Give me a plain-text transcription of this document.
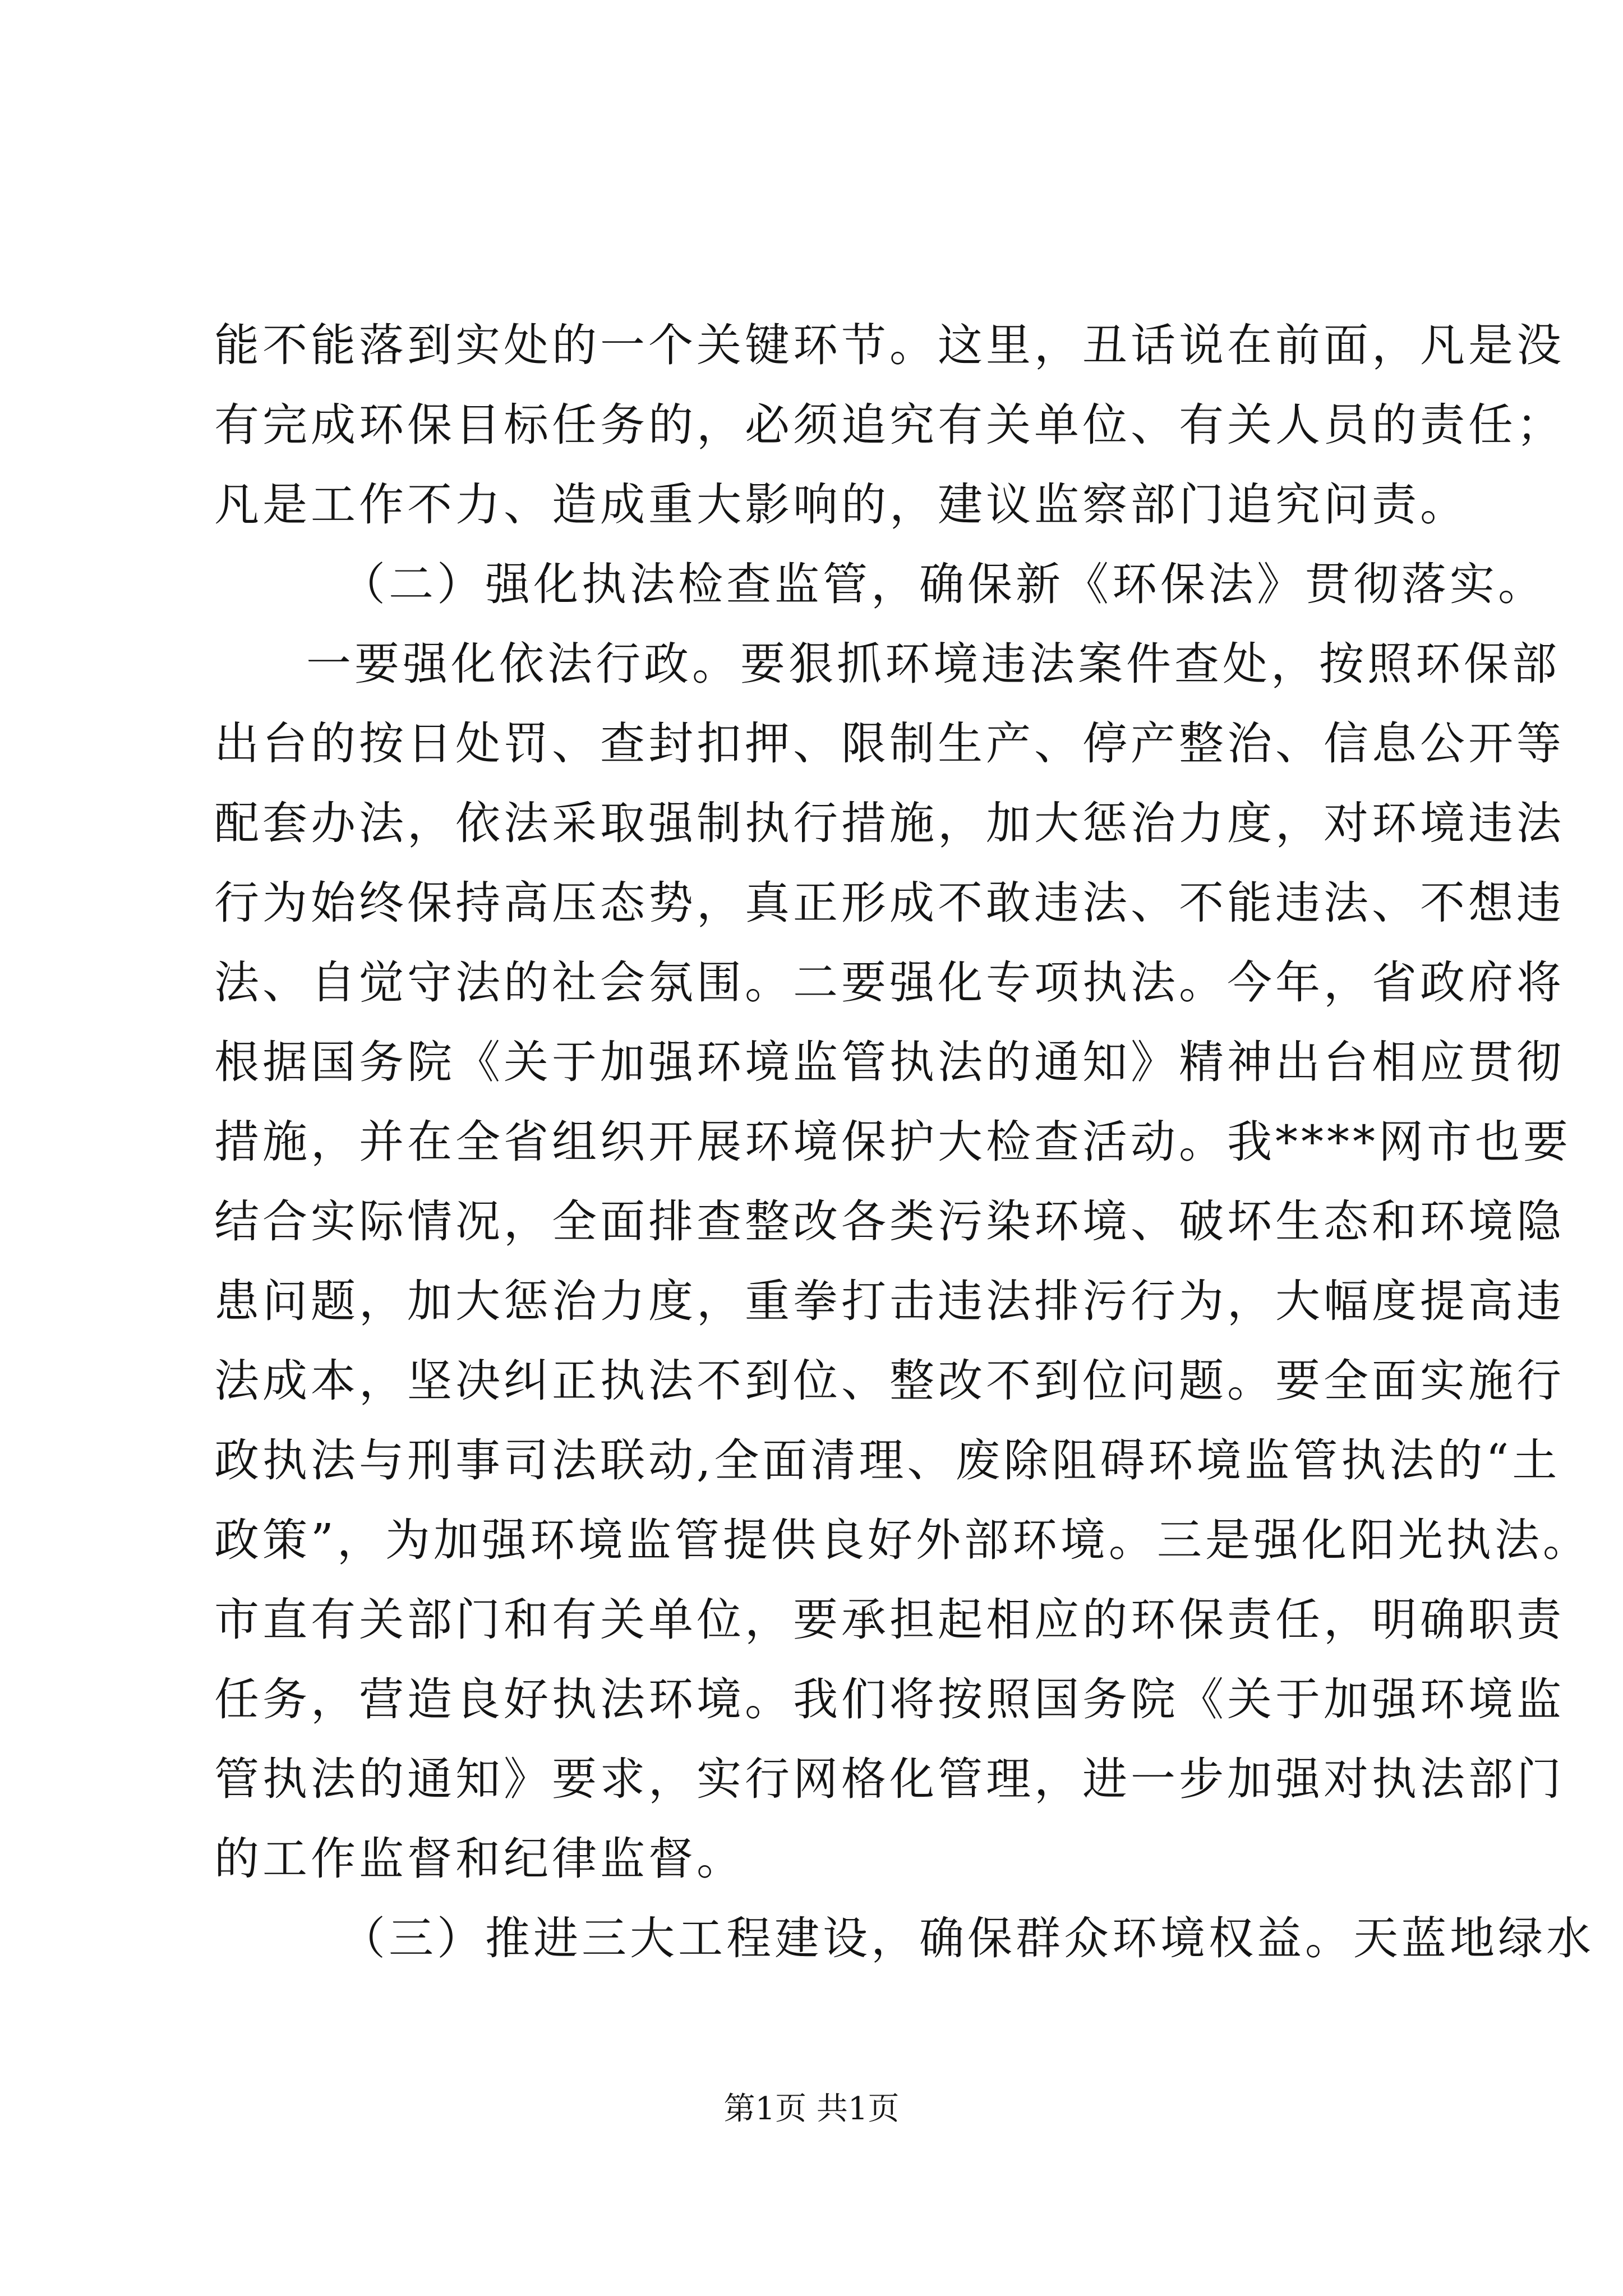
能不能落到实处的一个关键环节。这里，丑话说在前面，凡是没

有完成环保目标任务的，必须追究有关单位、有关人员的责任；

凡是工作不力、造成重大影响的，建议监察部门追究问责。

（二）强化执法检查监管，确保新《环保法》贯彻落实。

一要强化依法行政。要狠抓环境违法案件查处，按照环保部

出台的按日处罚、查封扣押、限制生产、停产整治、信息公开等

配套办法，依法采取强制执行措施，加大惩治力度，对环境违法

行为始终保持高压态势，真正形成不敢违法、不能违法、不想违

法、自觉守法的社会氛围。二要强化专项执法。今年，省政府将

根据国务院《关于加强环境监管执法的通知》精神出台相应贯彻

措施，并在全省组织开展环境保护大检查活动。我****网市也要

结合实际情况，全面排查整改各类污染环境、破坏生态和环境隐

患问题，加大惩治力度，重拳打击违法排污行为，大幅度提高违

法成本，坚决纠正执法不到位、整改不到位问题。要全面实施行

政执法与刑事司法联动,全面清理、废除阻碍环境监管执法的“土

政策”，为加强环境监管提供良好外部环境。三是强化阳光执法。

市直有关部门和有关单位，要承担起相应的环保责任，明确职责

任务，营造良好执法环境。我们将按照国务院《关于加强环境监

管执法的通知》要求，实行网格化管理，进一步加强对执法部门

的工作监督和纪律监督。

（三）推进三大工程建设，确保群众环境权益。天蓝地绿水

第1页 共1页
